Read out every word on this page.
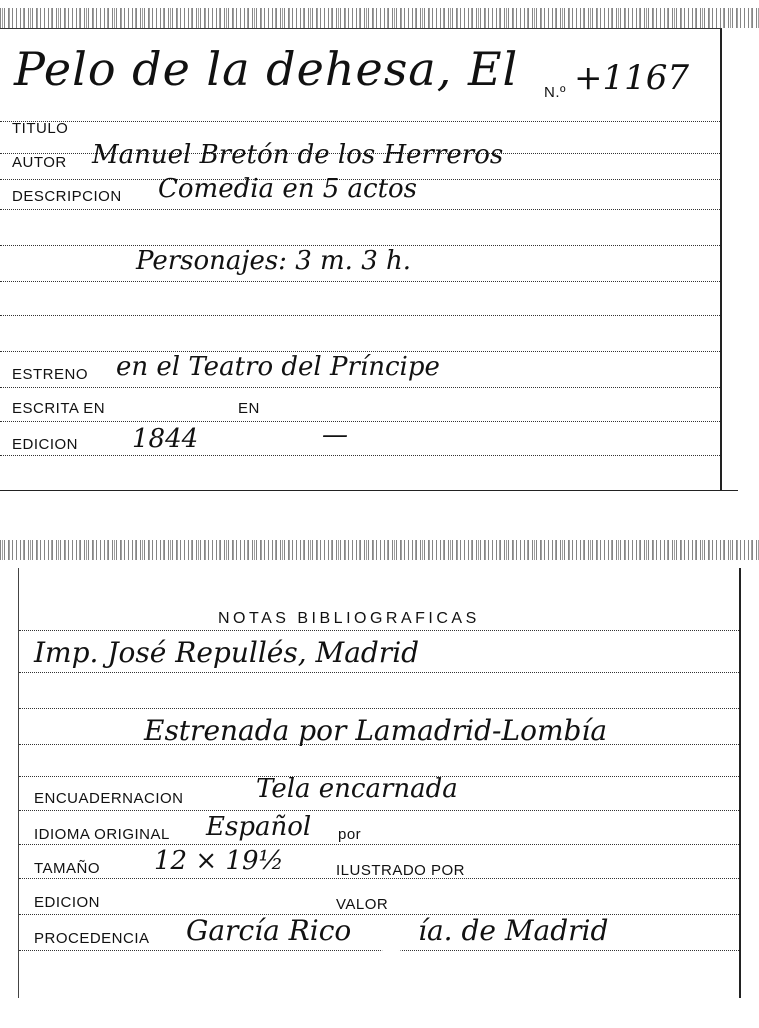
Pelo de la dehesa, El N.º +1167
TITULO
AUTOR Manuel Bretón de los Herreros
DESCRIPCION Comedia en 5 actos
Personajes: 3 m. 3 h.
ESTRENO en el Teatro del Príncipe
ESCRITA EN	EN
EDICION 1844	—
NOTAS BIBLIOGRAFICAS
Imp. José Repullés, Madrid
Estrenada por Lamadrid-Lombía
ENCUADERNACION	Tela encarnada
IDIOMA ORIGINAL Español por
TAMAÑO 12 × 19½	ILUSTRADO POR
EDICION	VALOR
PROCEDENCIA García Rico ía. de Madrid
